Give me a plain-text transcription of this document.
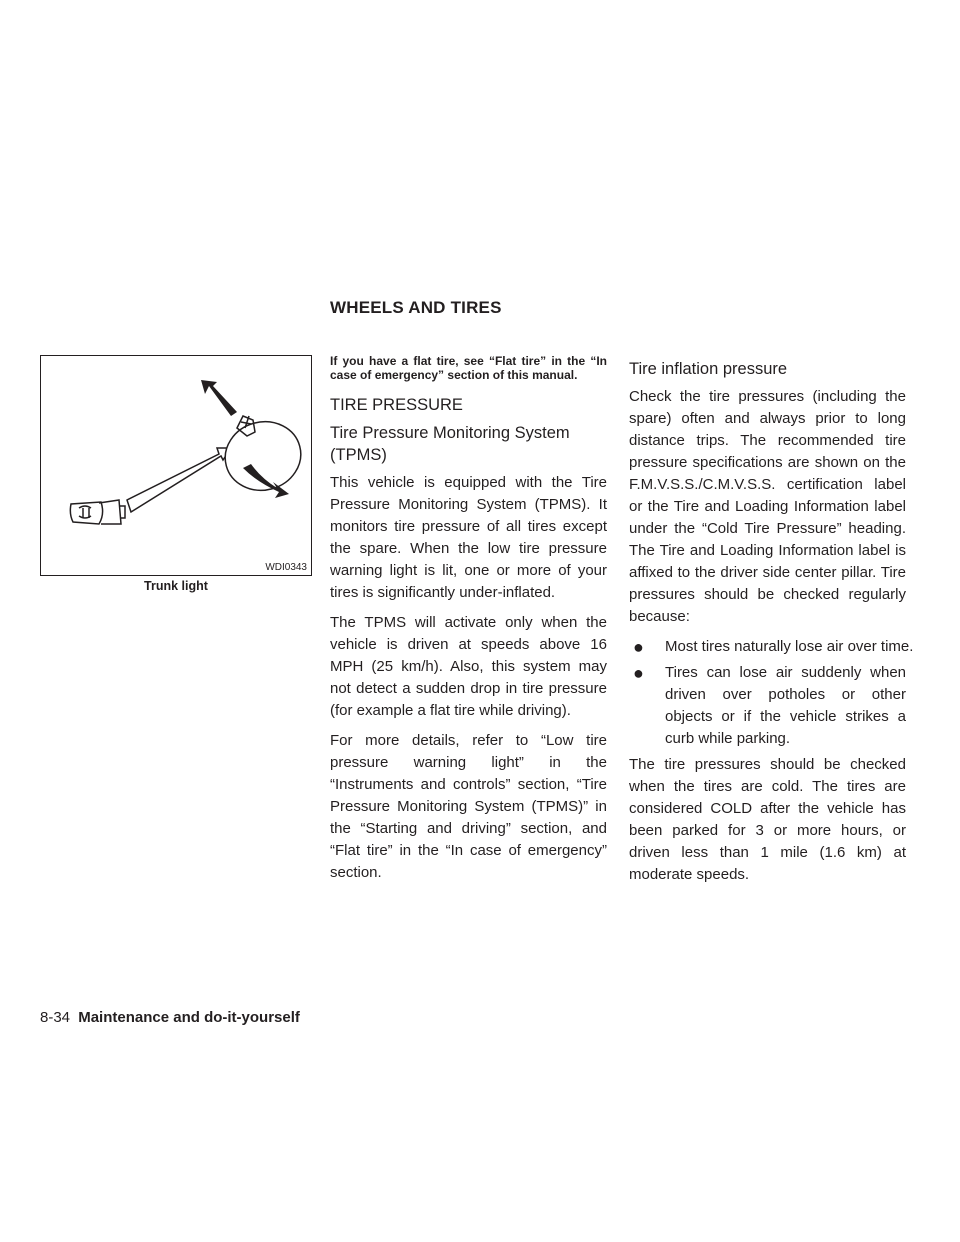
WHEELS AND TIRES
WDI0343
Trunk light
If you have a flat tire, see “Flat tire” in the “In case of emergency” section of this manual.
TIRE PRESSURE
Tire Pressure Monitoring System (TPMS)

This vehicle is equipped with the Tire Pressure Monitoring System (TPMS). It monitors tire pressure of all tires except the spare. When the low tire pressure warning light is lit, one or more of your tires is significantly under-inflated.

The TPMS will activate only when the vehicle is driven at speeds above 16 MPH (25 km/h). Also, this system may not detect a sudden drop in tire pressure (for example a flat tire while driving).

For more details, refer to “Low tire pressure warning light” in the “Instruments and controls” section, “Tire Pressure Monitoring System (TPMS)” in the “Starting and driving” section, and “Flat tire” in the “In case of emergency” section.

Tire inflation pressure

Check the tire pressures (including the spare) often and always prior to long distance trips. The recommended tire pressure specifications are shown on the F.M.V.S.S./C.M.V.S.S. certification label or the Tire and Loading Information label under the “Cold Tire Pressure” heading. The Tire and Loading Information label is affixed to the driver side center pillar. Tire pressures should be checked regularly because:

●	Most tires naturally lose air over time.
●	Tires can lose air suddenly when driven over potholes or other objects or if the vehicle strikes a curb while parking.

The tire pressures should be checked when the tires are cold. The tires are considered COLD after the vehicle has been parked for 3 or more hours, or driven less than 1 mile (1.6 km) at moderate speeds.

8-34 Maintenance and do-it-yourself
